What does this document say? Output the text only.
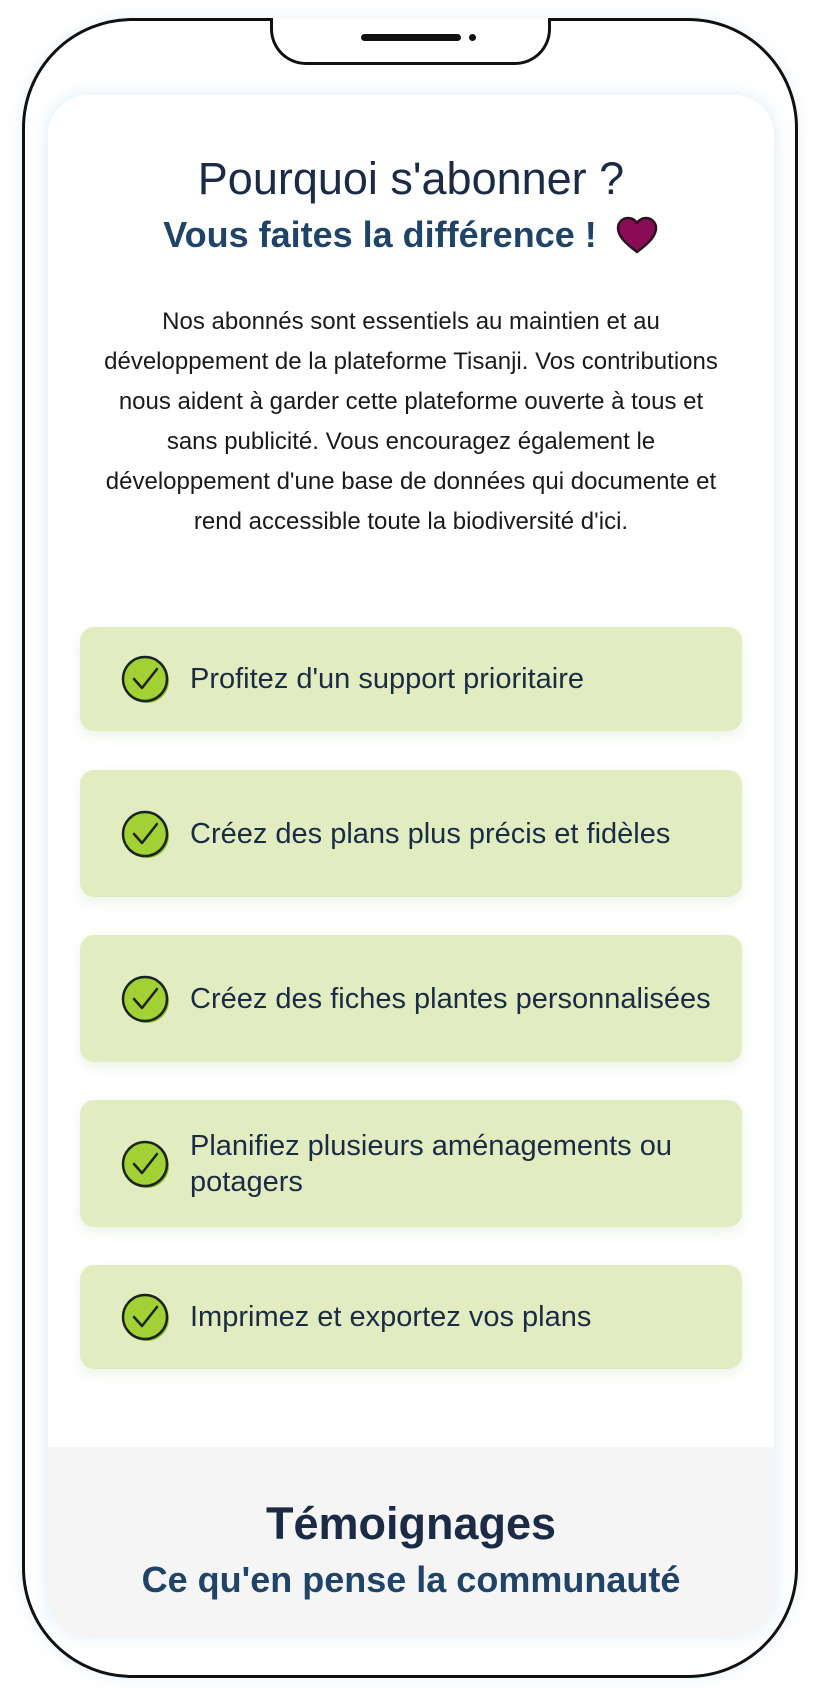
Pourquoi s'abonner ?
Vous faites la différence !

Nos abonnés sont essentiels au maintien et au développement de la plateforme Tisanji. Vos contributions nous aident à garder cette plateforme ouverte à tous et sans publicité. Vous encouragez également le développement d'une base de données qui documente et rend accessible toute la biodiversité d'ici.

Profitez d'un support prioritaire
Créez des plans plus précis et fidèles
Créez des fiches plantes personnalisées
Planifiez plusieurs aménagements ou potagers
Imprimez et exportez vos plans
Témoignages
Ce qu'en pense la communauté
